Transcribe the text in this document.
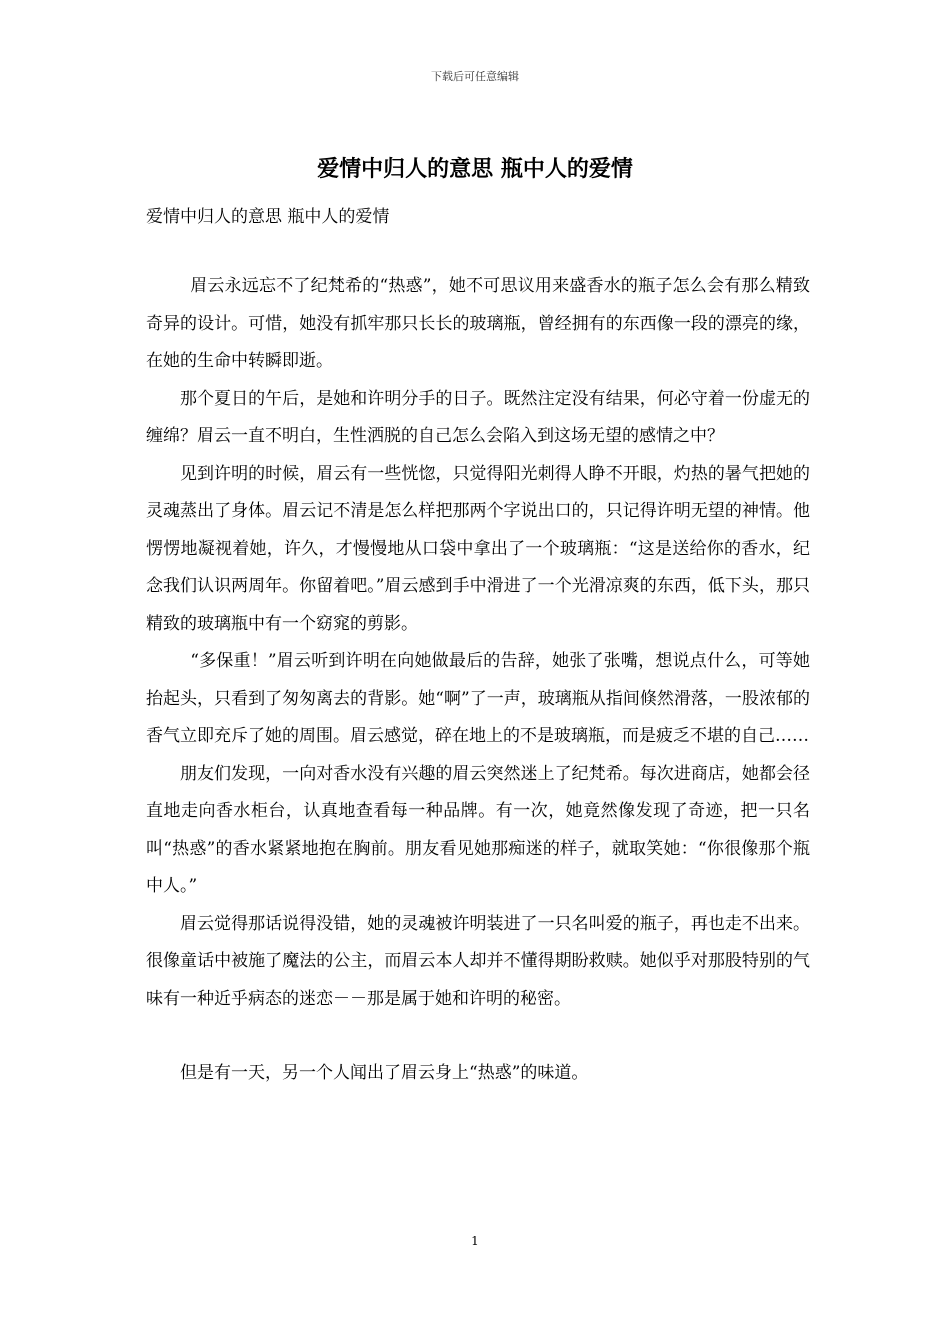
下载后可任意编辑
爱情中归人的意思 瓶中人的爱情
爱情中归人的意思 瓶中人的爱情

眉云永远忘不了纪梵希的“热惑”，她不可思议用来盛香水的瓶子怎么会有那么精致 奇异的设计。可惜，她没有抓牢那只长长的玻璃瓶，曾经拥有的东西像一段的漂亮的缘，在她的生命中转瞬即逝。

那个夏日的午后，是她和许明分手的日子。既然注定没有结果，何必守着一份虚无的缠绵？眉云一直不明白，生性洒脱的自己怎么会陷入到这场无望的感情之中？

见到许明的时候，眉云有一些恍惚，只觉得阳光刺得人睁不开眼，灼热的暑气把她的灵魂蒸出了身体。眉云记不清是怎么样把那两个字说出口的，只记得许明无望的神情。他愣愣地凝视着她，许久，才慢慢地从口袋中拿出了一个玻璃瓶：“这是送给你的香水，纪念我们认识两周年。你留着吧。”眉云感到手中滑进了一个光滑凉爽的东西，低下头，那只精致的玻璃瓶中有一个窈窕的剪影。

“多保重！”眉云听到许明在向她做最后的告辞，她张了张嘴，想说点什么，可等她抬起头，只看到了匆匆离去的背影。她“啊”了一声，玻璃瓶从指间倏然滑落，一股浓郁的香气立即充斥了她的周围。眉云感觉，碎在地上的不是玻璃瓶，而是疲乏不堪的自己……

朋友们发现，一向对香水没有兴趣的眉云突然迷上了纪梵希。每次进商店，她都会径直地走向香水柜台，认真地查看每一种品牌。有一次，她竟然像发现了奇迹，把一只名叫“热惑”的香水紧紧地抱在胸前。朋友看见她那痴迷的样子，就取笑她：“你很像那个瓶中人。”

眉云觉得那话说得没错，她的灵魂被许明装进了一只名叫爱的瓶子，再也走不出来。很像童话中被施了魔法的公主，而眉云本人却并不懂得期盼救赎。她似乎对那股特别的气味有一种近乎病态的迷恋－－那是属于她和许明的秘密。

但是有一天，另一个人闻出了眉云身上“热惑”的味道。

1
